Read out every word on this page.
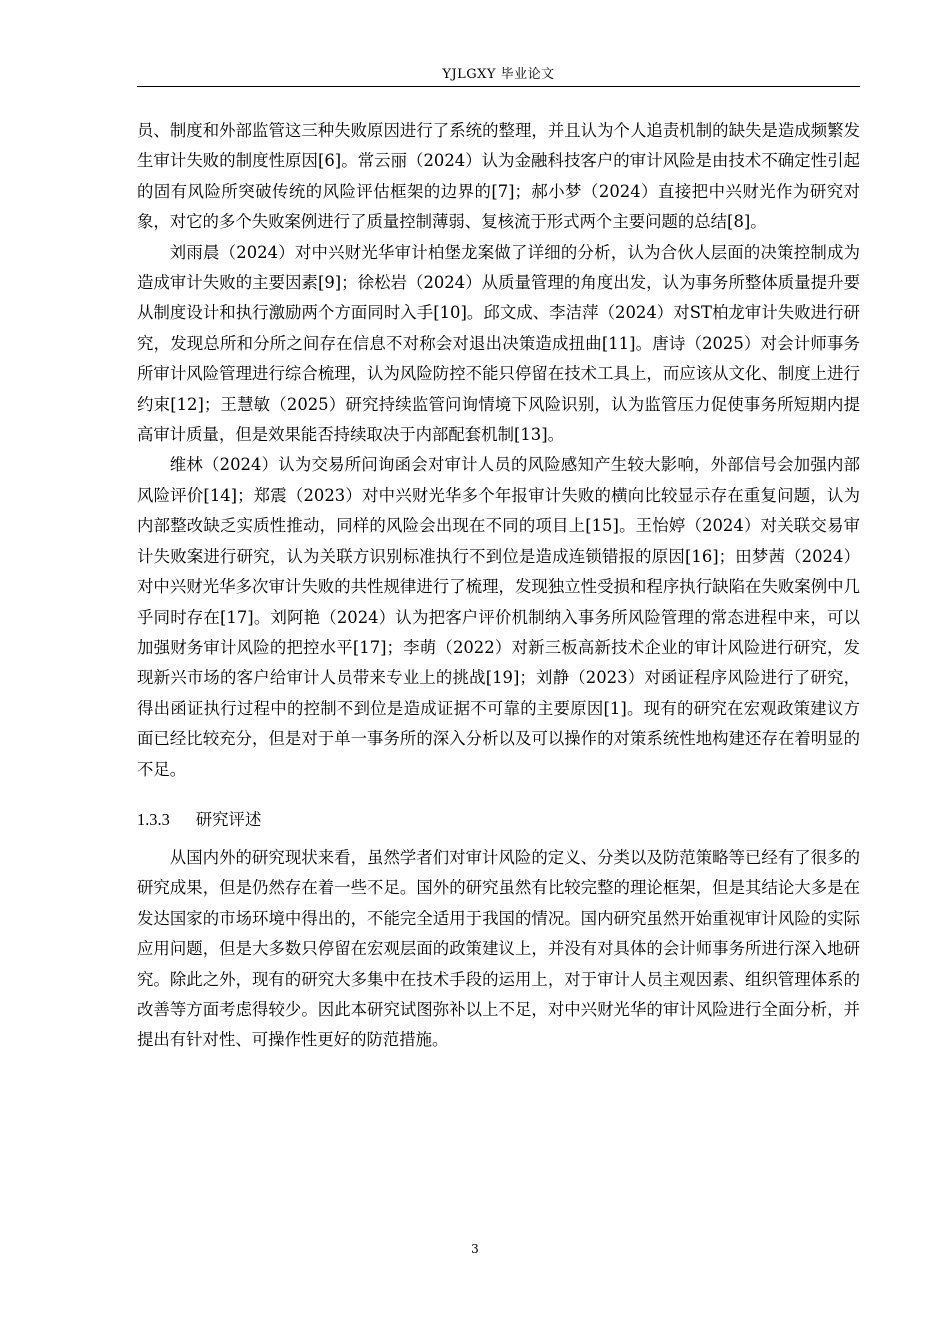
YJLGXY 毕业论文

员、制度和外部监管这三种失败原因进行了系统的整理，并且认为个人追责机制的缺失是造成频繁发生审计失败的制度性原因[6]。常云丽（2024）认为金融科技客户的审计风险是由技术不确定性引起的固有风险所突破传统的风险评估框架的边界的[7]；郝小梦（2024）直接把中兴财光作为研究对象，对它的多个失败案例进行了质量控制薄弱、复核流于形式两个主要问题的总结[8]。

刘雨晨（2024）对中兴财光华审计柏堡龙案做了详细的分析，认为合伙人层面的决策控制成为造成审计失败的主要因素[9]；徐松岩（2024）从质量管理的角度出发，认为事务所整体质量提升要从制度设计和执行激励两个方面同时入手[10]。邱文成、李洁萍（2024）对ST柏龙审计失败进行研究，发现总所和分所之间存在信息不对称会对退出决策造成扭曲[11]。唐诗（2025）对会计师事务所审计风险管理进行综合梳理，认为风险防控不能只停留在技术工具上，而应该从文化、制度上进行约束[12]；王慧敏（2025）研究持续监管问询情境下风险识别，认为监管压力促使事务所短期内提高审计质量，但是效果能否持续取决于内部配套机制[13]。

维林（2024）认为交易所问询函会对审计人员的风险感知产生较大影响，外部信号会加强内部风险评价[14]；郑震（2023）对中兴财光华多个年报审计失败的横向比较显示存在重复问题，认为内部整改缺乏实质性推动，同样的风险会出现在不同的项目上[15]。王怡婷（2024）对关联交易审计失败案进行研究，认为关联方识别标准执行不到位是造成连锁错报的原因[16]；田梦茜（2024）对中兴财光华多次审计失败的共性规律进行了梳理，发现独立性受损和程序执行缺陷在失败案例中几乎同时存在[17]。刘阿艳（2024）认为把客户评价机制纳入事务所风险管理的常态进程中来，可以加强财务审计风险的把控水平[17]；李萌（2022）对新三板高新技术企业的审计风险进行研究，发现新兴市场的客户给审计人员带来专业上的挑战[19]；刘静（2023）对函证程序风险进行了研究，得出函证执行过程中的控制不到位是造成证据不可靠的主要原因[1]。现有的研究在宏观政策建议方面已经比较充分，但是对于单一事务所的深入分析以及可以操作的对策系统性地构建还存在着明显的不足。

1.3.3 研究评述

从国内外的研究现状来看，虽然学者们对审计风险的定义、分类以及防范策略等已经有了很多的研究成果，但是仍然存在着一些不足。国外的研究虽然有比较完整的理论框架，但是其结论大多是在发达国家的市场环境中得出的，不能完全适用于我国的情况。国内研究虽然开始重视审计风险的实际应用问题，但是大多数只停留在宏观层面的政策建议上，并没有对具体的会计师事务所进行深入地研究。除此之外，现有的研究大多集中在技术手段的运用上，对于审计人员主观因素、组织管理体系的改善等方面考虑得较少。因此本研究试图弥补以上不足，对中兴财光华的审计风险进行全面分析，并提出有针对性、可操作性更好的防范措施。

3
